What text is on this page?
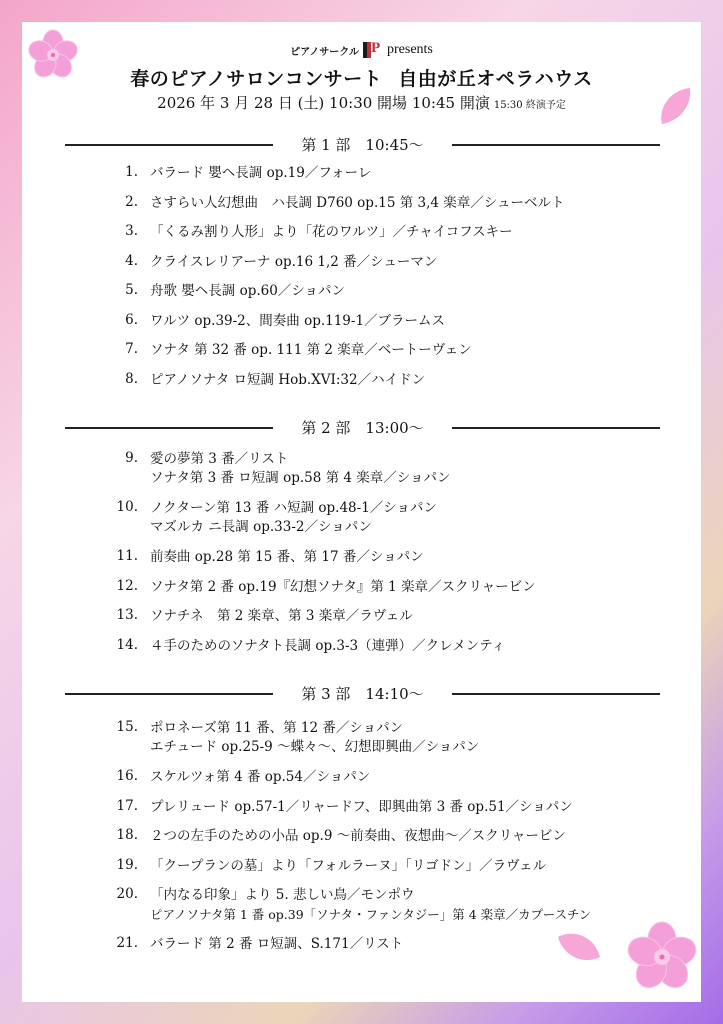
ピアノサークル P presents
春のピアノサロンコンサート 自由が丘オペラハウス
2026 年 3 月 28 日 (土) 10:30 開場 10:45 開演 15:30 終演予定
第 1 部　10:45～
1. バラード 嬰ヘ長調 op.19／フォーレ
2. さすらい人幻想曲　ハ長調 D760 op.15 第 3,4 楽章／シューベルト
3. 「くるみ割り人形」より「花のワルツ」／チャイコフスキー
4. クライスレリアーナ op.16 1,2 番／シューマン
5. 舟歌 嬰ヘ長調 op.60／ショパン
6. ワルツ op.39-2、間奏曲 op.119-1／ブラームス
7. ソナタ 第 32 番 op. 111 第 2 楽章／ベートーヴェン
8. ピアノソナタ ロ短調 Hob.XVI:32／ハイドン
第 2 部　13:00～
9. 愛の夢第 3 番／リスト
ソナタ第 3 番 ロ短調 op.58 第 4 楽章／ショパン
10. ノクターン第 13 番 ハ短調 op.48-1／ショパン
マズルカ ニ長調 op.33-2／ショパン
11. 前奏曲 op.28 第 15 番、第 17 番／ショパン
12. ソナタ第 2 番 op.19『幻想ソナタ』第 1 楽章／スクリャービン
13. ソナチネ　第 2 楽章、第 3 楽章／ラヴェル
14. ４手のためのソナタト長調 op.3-3（連弾）／クレメンティ
第 3 部　14:10～
15. ポロネーズ第 11 番、第 12 番／ショパン
エチュード op.25-9 ～蝶々～、幻想即興曲／ショパン
16. スケルツォ第 4 番 op.54／ショパン
17. プレリュード op.57-1／リャードフ、即興曲第 3 番 op.51／ショパン
18. ２つの左手のための小品 op.9 ～前奏曲、夜想曲～／スクリャービン
19. 「クープランの墓」より「フォルラーヌ」「リゴドン」／ラヴェル
20. 「内なる印象」より 5. 悲しい鳥／モンポウ
ピアノソナタ第 1 番 op.39「ソナタ・ファンタジー」第 4 楽章／カプースチン
21. バラード 第 2 番 ロ短調、S.171／リスト
